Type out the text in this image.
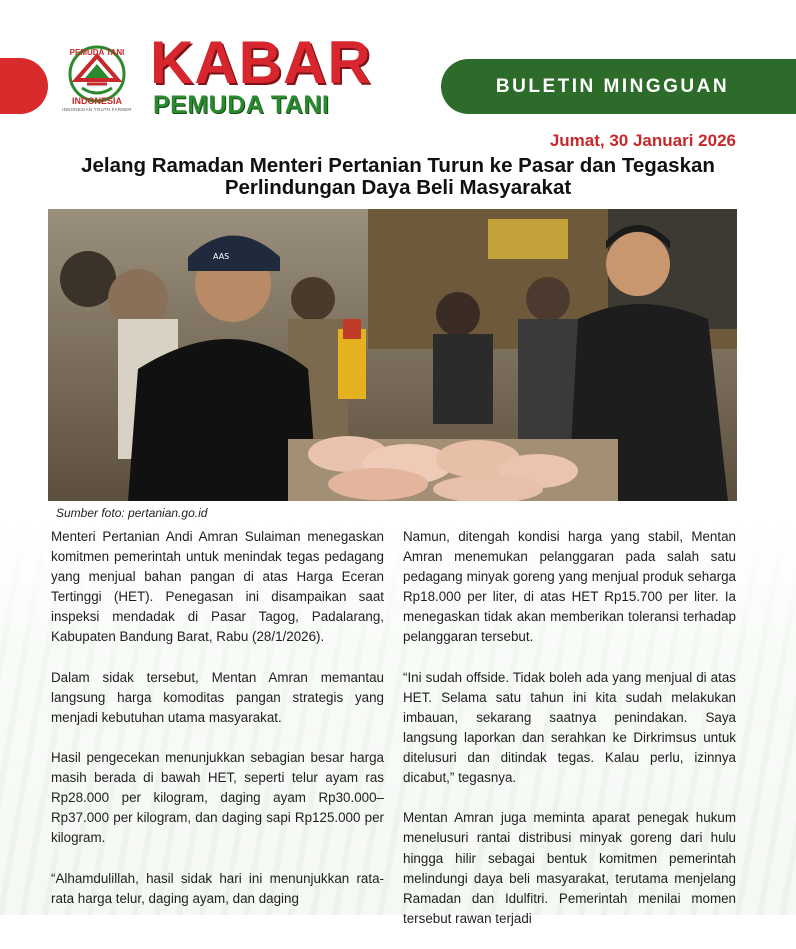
INDONESIA
INDONESIAN YOUTH FARMER
KABAR
PEMUDA TANI
BULETIN MINGGUAN
Jumat, 30 Januari 2026
Jelang Ramadan Menteri Pertanian Turun ke Pasar dan Tegaskan
Perlindungan Daya Beli Masyarakat
AAS
Sumber foto: pertanian.go.id

Menteri Pertanian Andi Amran Sulaiman menegaskan komitmen pemerintah untuk menindak tegas pedagang yang menjual bahan pangan di atas Harga Eceran Tertinggi (HET). Penegasan ini disampaikan saat inspeksi mendadak di Pasar Tagog, Padalarang, Kabupaten Bandung Barat, Rabu (28/1/2026).

Dalam sidak tersebut, Mentan Amran memantau langsung harga komoditas pangan strategis yang menjadi kebutuhan utama masyarakat.

Hasil pengecekan menunjukkan sebagian besar harga masih berada di bawah HET, seperti telur ayam ras Rp28.000 per kilogram, daging ayam Rp30.000–Rp37.000 per kilogram, dan daging sapi Rp125.000 per kilogram.

“Alhamdulillah, hasil sidak hari ini menunjukkan rata-rata harga telur, daging ayam, dan daging

Namun, ditengah kondisi harga yang stabil, Mentan Amran menemukan pelanggaran pada salah satu pedagang minyak goreng yang menjual produk seharga Rp18.000 per liter, di atas HET Rp15.700 per liter. Ia menegaskan tidak akan memberikan toleransi terhadap pelanggaran tersebut.

“Ini sudah offside. Tidak boleh ada yang menjual di atas HET. Selama satu tahun ini kita sudah melakukan imbauan, sekarang saatnya penindakan. Saya langsung laporkan dan serahkan ke Dirkrimsus untuk ditelusuri dan ditindak tegas. Kalau perlu, izinnya dicabut,” tegasnya.

Mentan Amran juga meminta aparat penegak hukum menelusuri rantai distribusi minyak goreng dari hulu hingga hilir sebagai bentuk komitmen pemerintah melindungi daya beli masyarakat, terutama menjelang Ramadan dan Idulfitri. Pemerintah menilai momen tersebut rawan terjadi

PEMUDA TANI
